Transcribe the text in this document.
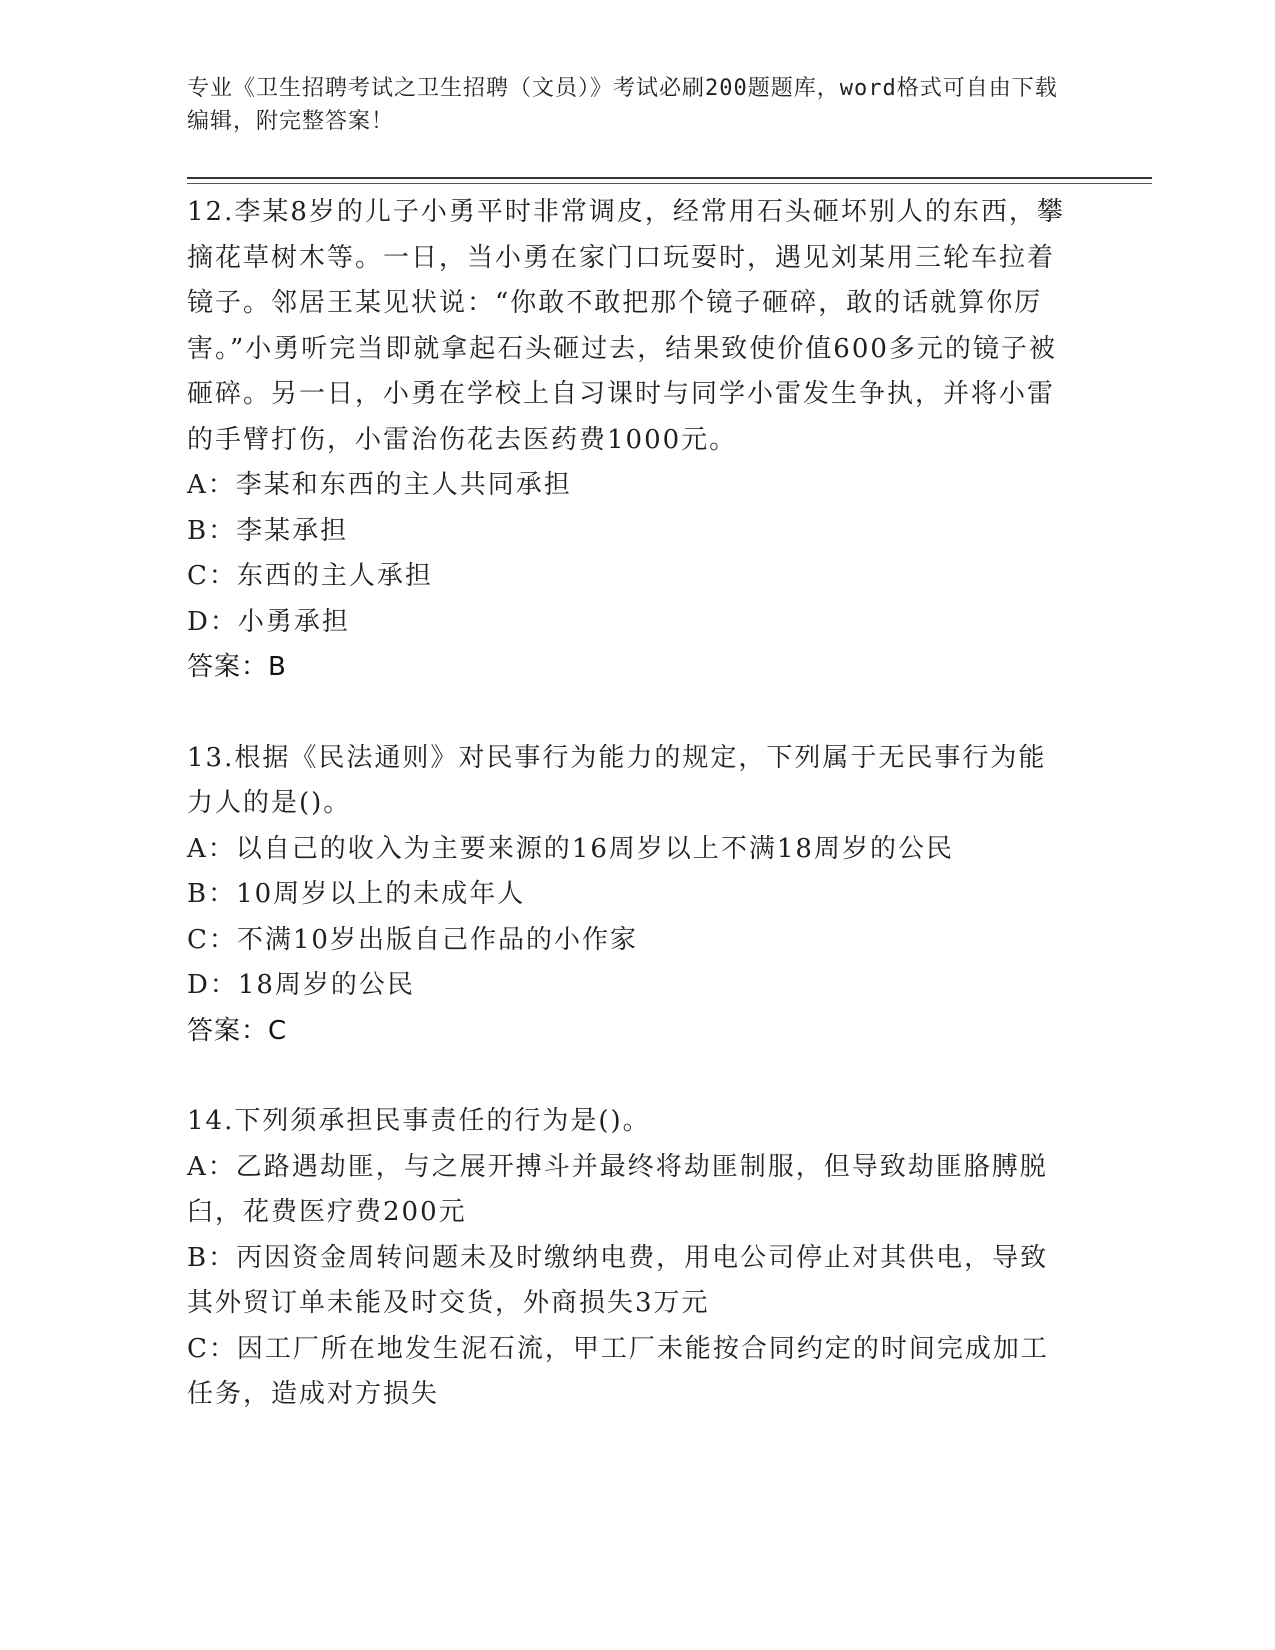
专业《卫生招聘考试之卫生招聘（文员）》考试必刷200题题库，word格式可自由下载编辑，附完整答案！

12.李某8岁的儿子小勇平时非常调皮，经常用石头砸坏别人的东西，攀摘花草树木等。一日，当小勇在家门口玩耍时，遇见刘某用三轮车拉着镜子。邻居王某见状说：“你敢不敢把那个镜子砸碎，敢的话就算你厉害。”小勇听完当即就拿起石头砸过去，结果致使价值600多元的镜子被砸碎。另一日，小勇在学校上自习课时与同学小雷发生争执，并将小雷的手臂打伤，小雷治伤花去医药费1000元。

A：李某和东西的主人共同承担

B：李某承担

C：东西的主人承担

D：小勇承担

答案：B

13.根据《民法通则》对民事行为能力的规定，下列属于无民事行为能力人的是()。

A：以自己的收入为主要来源的16周岁以上不满18周岁的公民

B：10周岁以上的未成年人

C：不满10岁出版自己作品的小作家

D：18周岁的公民

答案：C

14.下列须承担民事责任的行为是()。

A：乙路遇劫匪，与之展开搏斗并最终将劫匪制服，但导致劫匪胳膊脱臼，花费医疗费200元

B：丙因资金周转问题未及时缴纳电费，用电公司停止对其供电，导致其外贸订单未能及时交货，外商损失3万元

C：因工厂所在地发生泥石流，甲工厂未能按合同约定的时间完成加工任务，造成对方损失
